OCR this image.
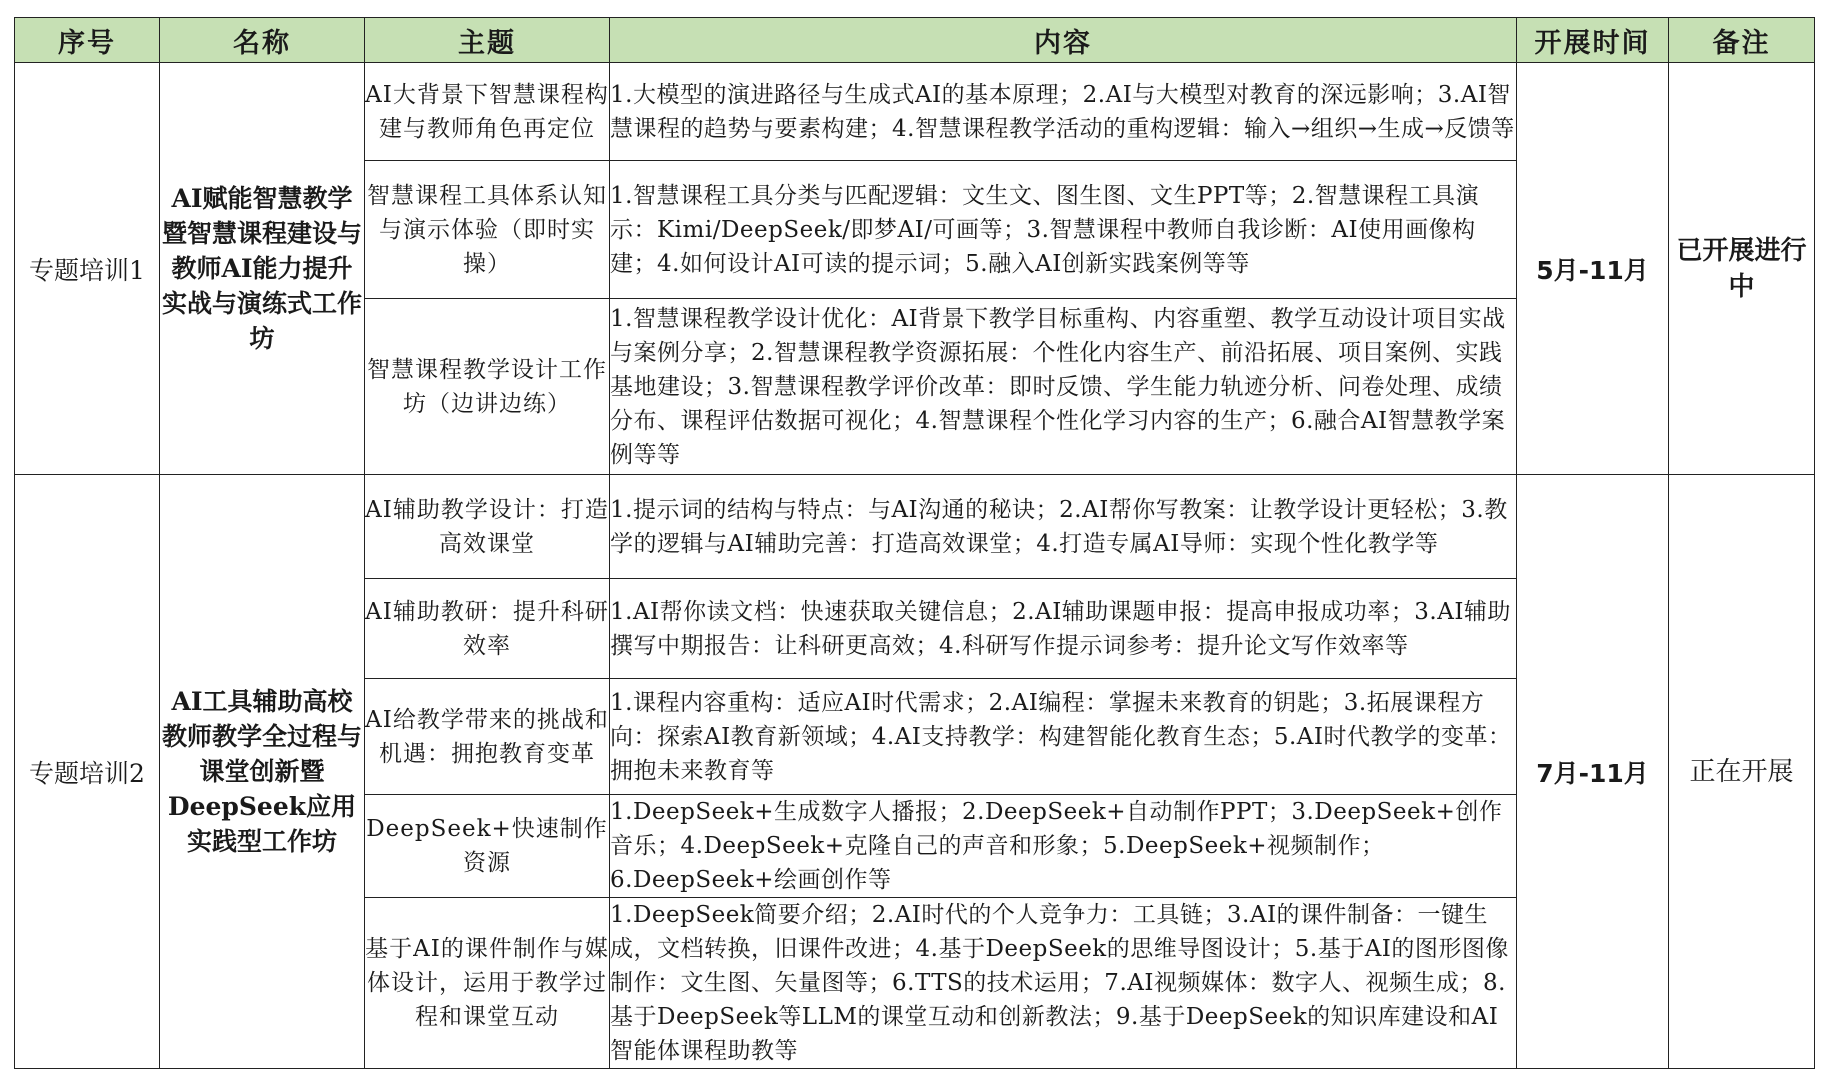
序号	名称	主题	内容	开展时间	备注
专题培训1	AI赋能智慧教学暨智慧课程建设与教师AI能力提升实战与演练式工作坊	AI大背景下智慧课程构建与教师角色再定位	1.大模型的演进路径与生成式AI的基本原理；2.AI与大模型对教育的深远影响；3.AI智慧课程的趋势与要素构建；4.智慧课程教学活动的重构逻辑：输入→组织→生成→反馈等	5月-11月	已开展进行中
		智慧课程工具体系认知与演示体验（即时实操）	1.智慧课程工具分类与匹配逻辑：文生文、图生图、文生PPT等；2.智慧课程工具演示：Kimi/DeepSeek/即梦AI/可画等；3.智慧课程中教师自我诊断：AI使用画像构建；4.如何设计AI可读的提示词；5.融入AI创新实践案例等等		
		智慧课程教学设计工作坊（边讲边练）	1.智慧课程教学设计优化：AI背景下教学目标重构、内容重塑、教学互动设计项目实战与案例分享；2.智慧课程教学资源拓展：个性化内容生产、前沿拓展、项目案例、实践基地建设；3.智慧课程教学评价改革：即时反馈、学生能力轨迹分析、问卷处理、成绩分布、课程评估数据可视化；4.智慧课程个性化学习内容的生产；6.融合AI智慧教学案例等等		
专题培训2	AI工具辅助高校教师教学全过程与课堂创新暨DeepSeek应用实践型工作坊	AI辅助教学设计：打造高效课堂	1.提示词的结构与特点：与AI沟通的秘诀；2.AI帮你写教案：让教学设计更轻松；3.教学的逻辑与AI辅助完善：打造高效课堂；4.打造专属AI导师：实现个性化教学等	7月-11月	正在开展
		AI辅助教研：提升科研效率	1.AI帮你读文档：快速获取关键信息；2.AI辅助课题申报：提高申报成功率；3.AI辅助撰写中期报告：让科研更高效；4.科研写作提示词参考：提升论文写作效率等		
		AI给教学带来的挑战和机遇：拥抱教育变革	1.课程内容重构：适应AI时代需求；2.AI编程：掌握未来教育的钥匙；3.拓展课程方向：探索AI教育新领域；4.AI支持教学：构建智能化教育生态；5.AI时代教学的变革：拥抱未来教育等		
		DeepSeek+快速制作资源	1.DeepSeek+生成数字人播报；2.DeepSeek+自动制作PPT；3.DeepSeek+创作音乐；4.DeepSeek+克隆自己的声音和形象；5.DeepSeek+视频制作；6.DeepSeek+绘画创作等		
		基于AI的课件制作与媒体设计，运用于教学过程和课堂互动	1.DeepSeek简要介绍；2.AI时代的个人竞争力：工具链；3.AI的课件制备：一键生成，文档转换，旧课件改进；4.基于DeepSeek的思维导图设计；5.基于AI的图形图像制作：文生图、矢量图等；6.TTS的技术运用；7.AI视频媒体：数字人、视频生成；8.基于DeepSeek等LLM的课堂互动和创新教法；9.基于DeepSeek的知识库建设和AI智能体课程助教等		
